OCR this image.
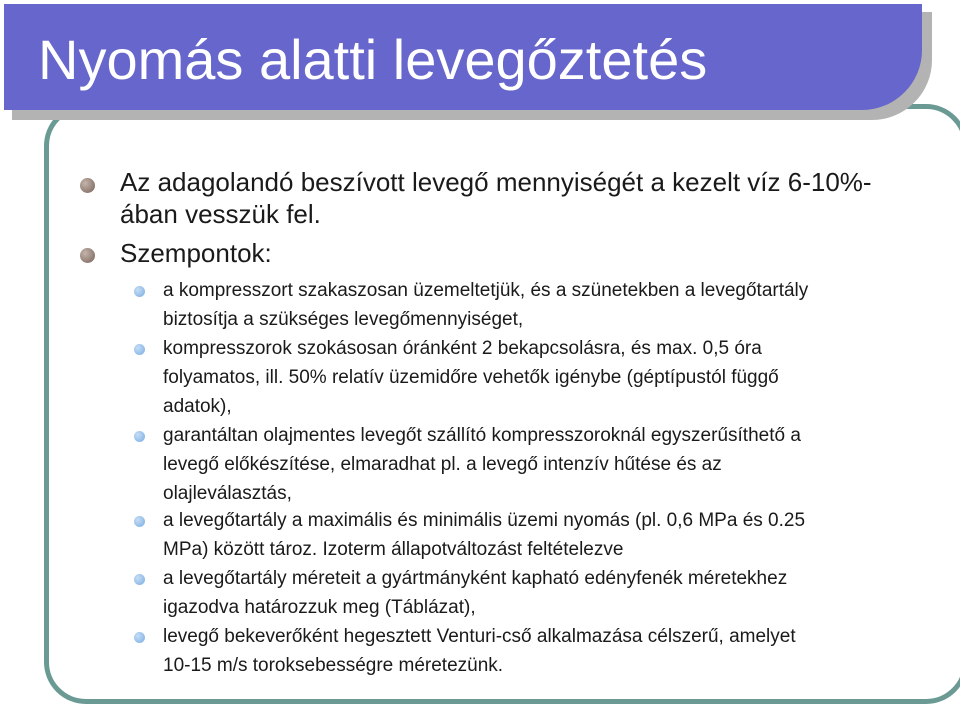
Nyomás alatti levegőztetés
Az adagolandó beszívott levegő mennyiségét a kezelt víz 6-10%-
ában vesszük fel.
Szempontok:
a kompresszort szakaszosan üzemeltetjük, és a szünetekben a levegőtartály
biztosítja a szükséges levegőmennyiséget,
kompresszorok szokásosan óránként 2 bekapcsolásra, és max. 0,5 óra
folyamatos, ill. 50% relatív üzemidőre vehetők igénybe (géptípustól függő
adatok),
garantáltan olajmentes levegőt szállító kompresszoroknál egyszerűsíthető a
levegő előkészítése, elmaradhat pl. a levegő intenzív hűtése és az
olajleválasztás,
a levegőtartály a maximális és minimális üzemi nyomás (pl. 0,6 MPa és 0.25
MPa) között tároz. Izoterm állapotváltozást feltételezve
a levegőtartály méreteit a gyártmányként kapható edényfenék méretekhez
igazodva határozzuk meg (Táblázat),
levegő bekeverőként hegesztett Venturi-cső alkalmazása célszerű, amelyet
10-15 m/s toroksebességre méretezünk.
